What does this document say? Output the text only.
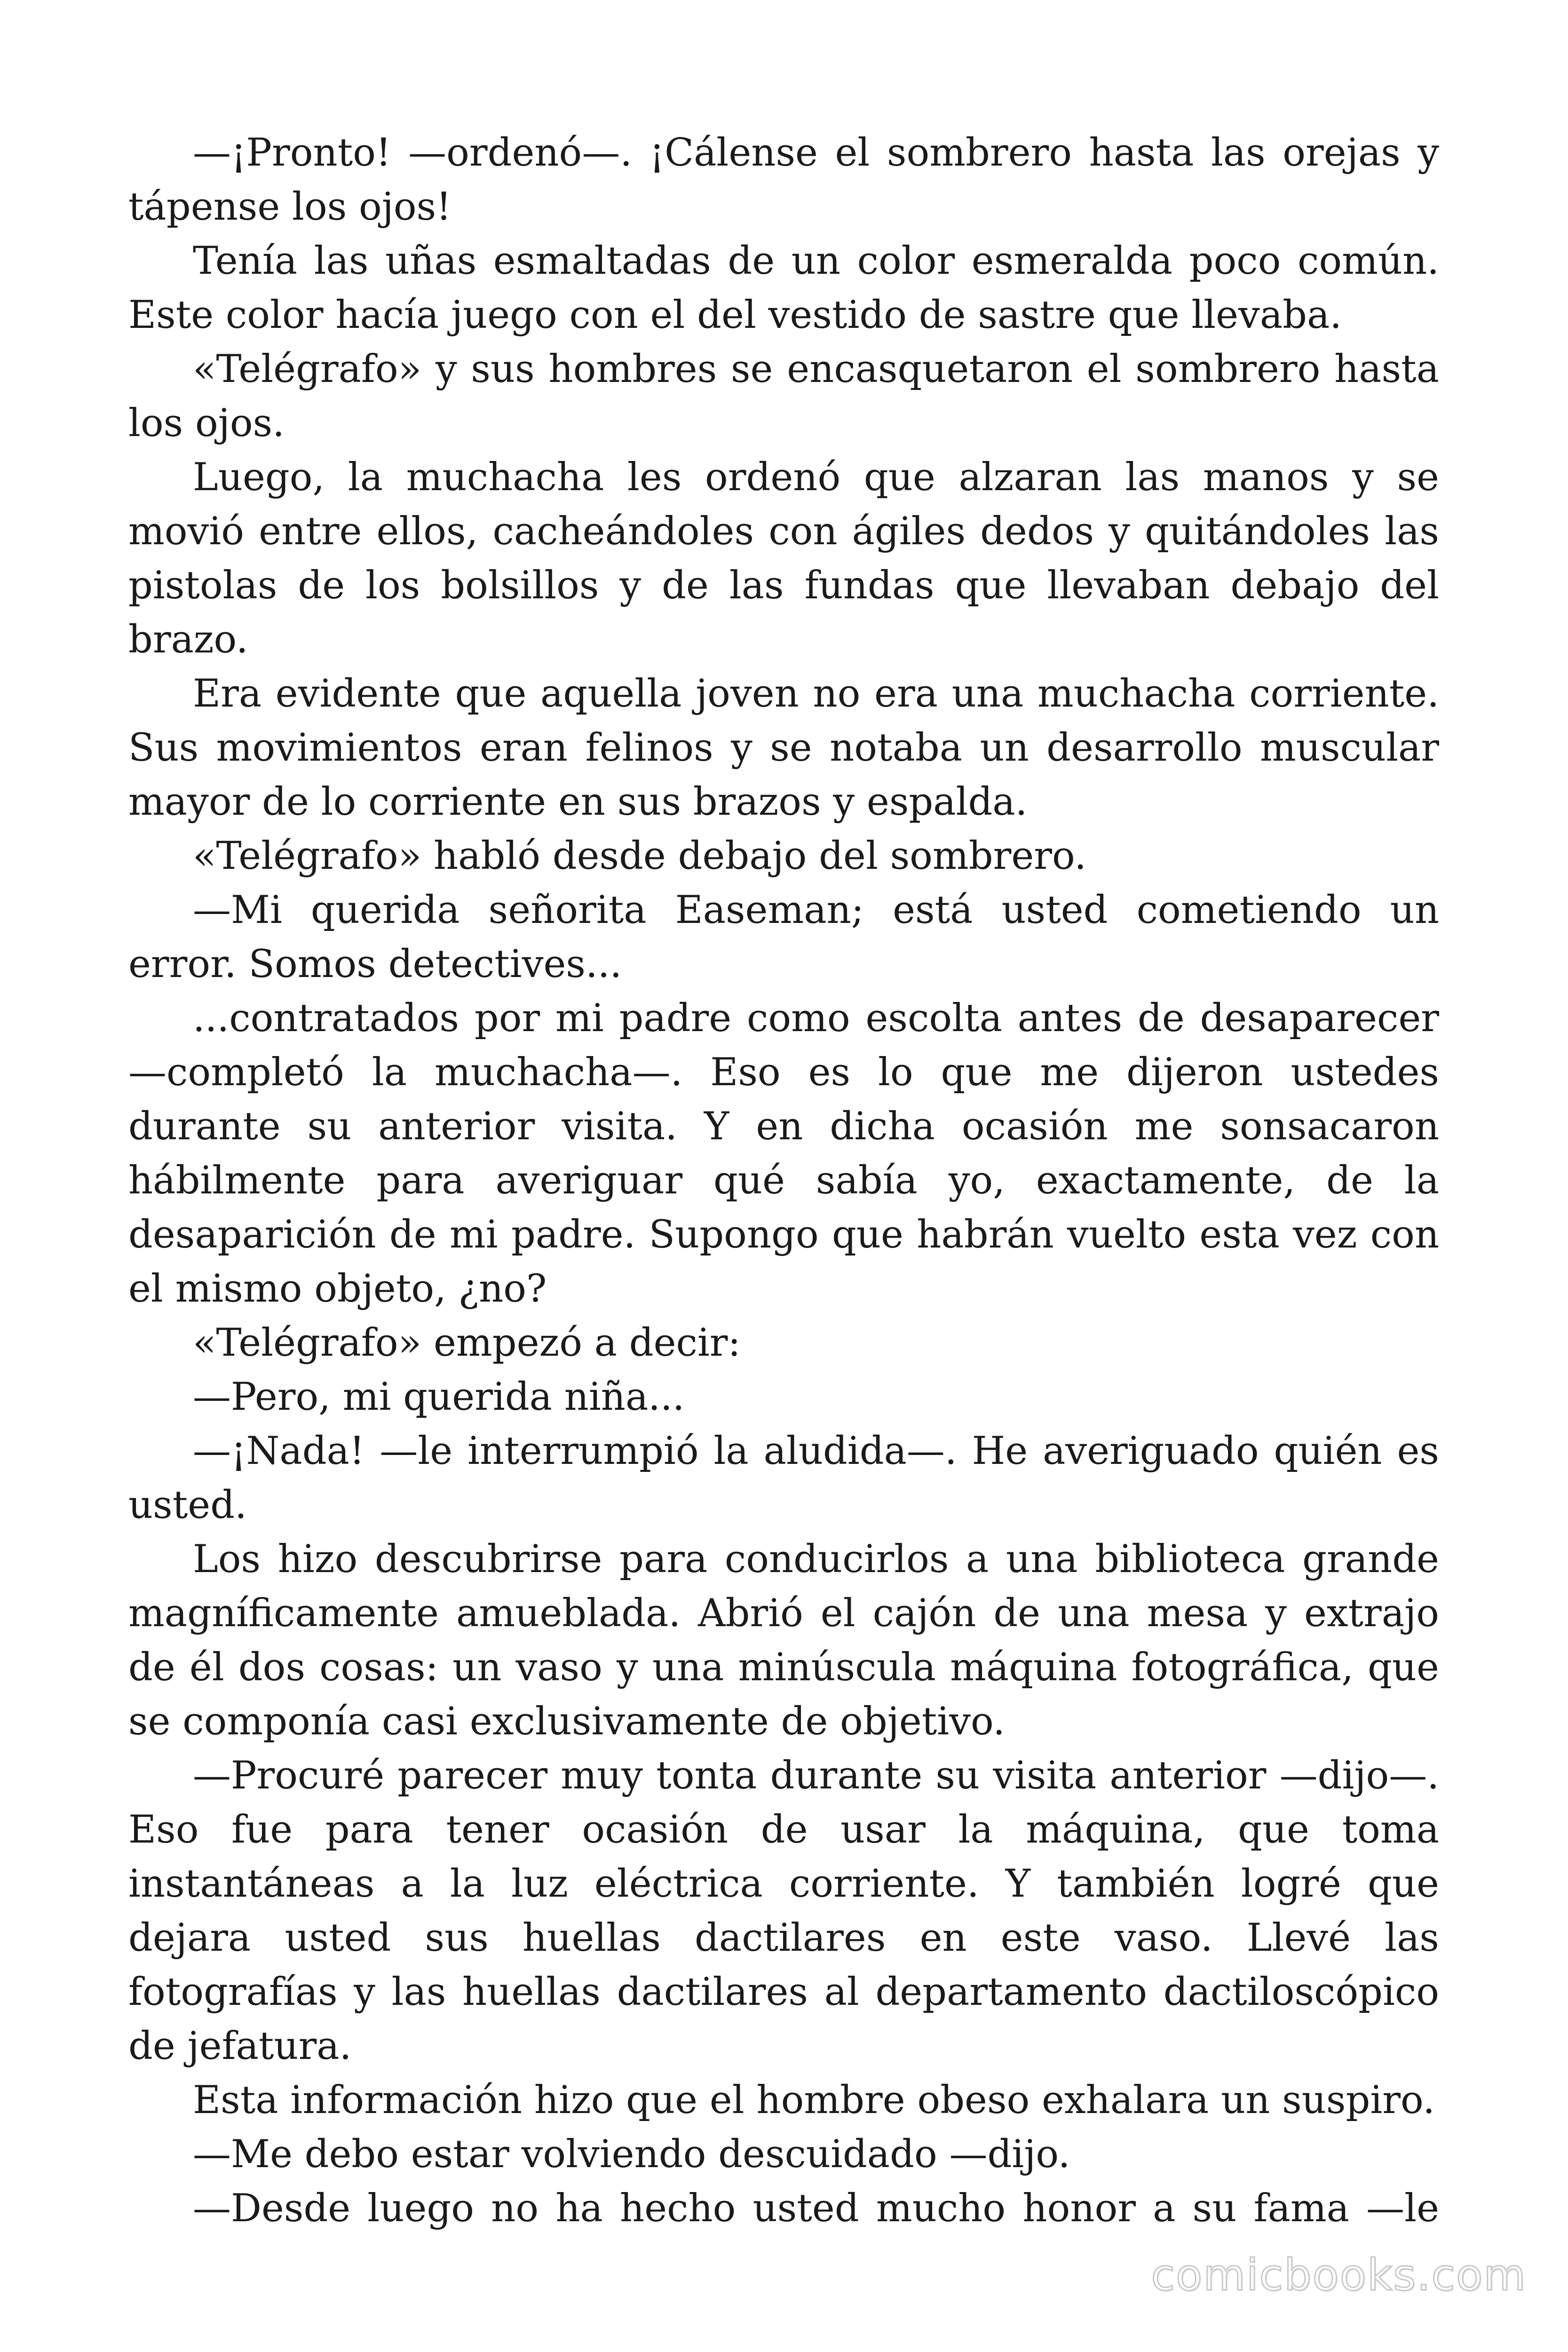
—¡Pronto! —ordenó—. ¡Cálense el sombrero hasta las orejas y tápense los ojos!

Tenía las uñas esmaltadas de un color esmeralda poco común. Este color hacía juego con el del vestido de sastre que llevaba.

«Telégrafo» y sus hombres se encasquetaron el sombrero hasta los ojos.

Luego, la muchacha les ordenó que alzaran las manos y se movió entre ellos, cacheándoles con ágiles dedos y quitándoles las pistolas de los bolsillos y de las fundas que llevaban debajo del brazo.

Era evidente que aquella joven no era una muchacha corriente. Sus movimientos eran felinos y se notaba un desarrollo muscular mayor de lo corriente en sus brazos y espalda.

«Telégrafo» habló desde debajo del sombrero.

—Mi querida señorita Easeman; está usted cometiendo un error. Somos detectives...

...contratados por mi padre como escolta antes de desaparecer —completó la muchacha—. Eso es lo que me dijeron ustedes durante su anterior visita. Y en dicha ocasión me sonsacaron hábilmente para averiguar qué sabía yo, exactamente, de la desaparición de mi padre. Supongo que habrán vuelto esta vez con el mismo objeto, ¿no?

«Telégrafo» empezó a decir:

—Pero, mi querida niña...

—¡Nada! —le interrumpió la aludida—. He averiguado quién es usted.

Los hizo descubrirse para conducirlos a una biblioteca grande magníficamente amueblada. Abrió el cajón de una mesa y extrajo de él dos cosas: un vaso y una minúscula máquina fotográfica, que se componía casi exclusivamente de objetivo.

—Procuré parecer muy tonta durante su visita anterior —dijo—. Eso fue para tener ocasión de usar la máquina, que toma instantáneas a la luz eléctrica corriente. Y también logré que dejara usted sus huellas dactilares en este vaso. Llevé las fotografías y las huellas dactilares al departamento dactiloscópico de jefatura.

Esta información hizo que el hombre obeso exhalara un suspiro.

—Me debo estar volviendo descuidado —dijo.

—Desde luego no ha hecho usted mucho honor a su fama —le

comicbooks.com
